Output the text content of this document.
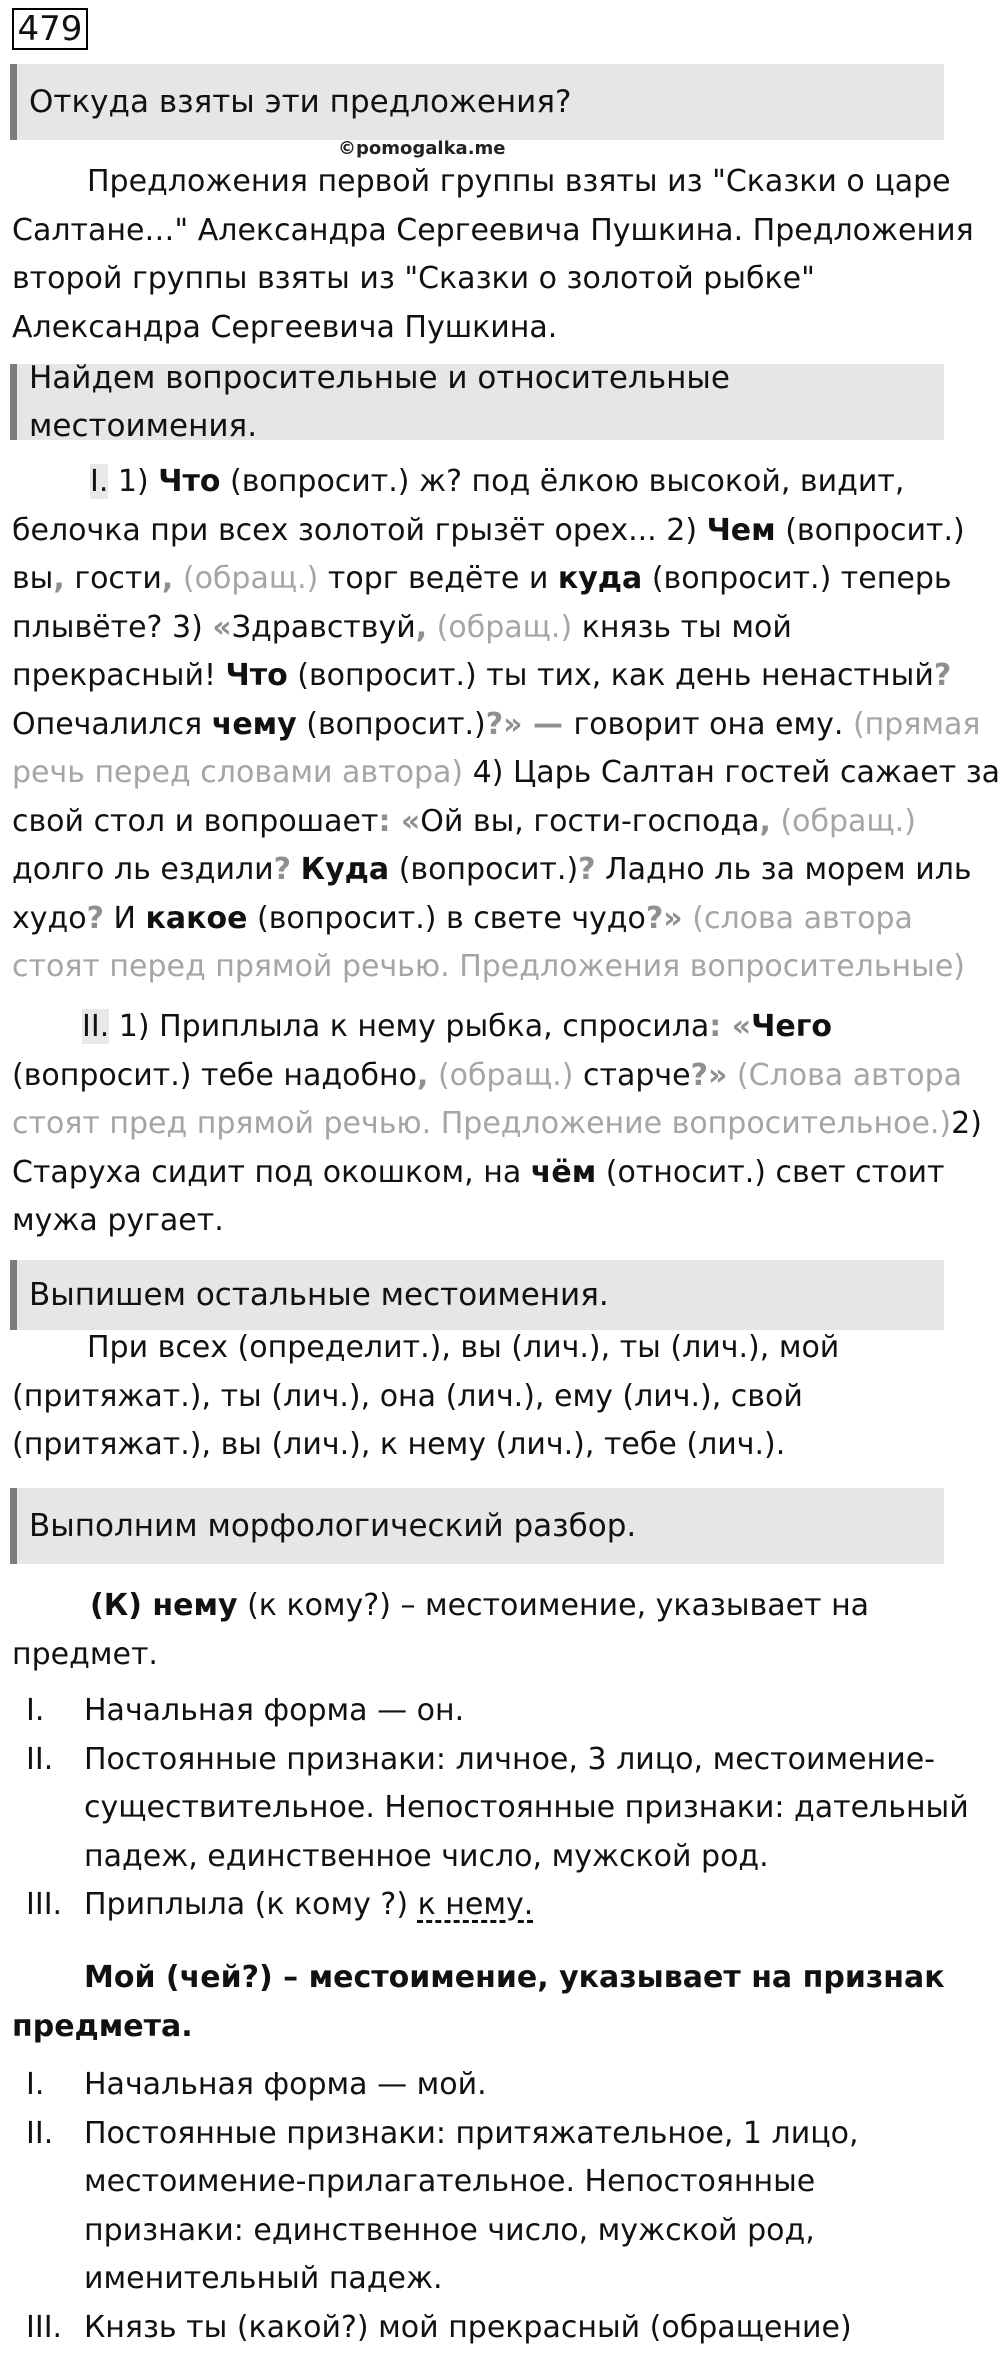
479
Откуда взяты эти предложения?
©pomogalka.me
Предложения первой группы взяты из "Сказки о царе
Салтане…" Александра Сергеевича Пушкина. Предложения
второй группы взяты из "Сказки о золотой рыбке"
Александра Сергеевича Пушкина.
Найдем вопросительные и относительные местоимения.
I. 1) Что (вопросит.) ж? под ёлкою высокой, видит,
белочка при всех золотой грызёт орех... 2) Чем (вопросит.)
вы, гости, (обращ.) торг ведёте и куда (вопросит.) теперь
плывёте? 3) «Здравствуй, (обращ.) князь ты мой
прекрасный! Что (вопросит.) ты тих, как день ненастный?
Опечалился чему (вопросит.)?» — говорит она ему. (прямая
речь перед словами автора) 4) Царь Салтан гостей сажает за
свой стол и вопрошает: «Ой вы, гости-господа, (обращ.)
долго ль ездили? Куда (вопросит.)? Ладно ль за морем иль
худо? И какое (вопросит.) в свете чудо?» (слова автора
стоят перед прямой речью. Предложения вопросительные)
II. 1) Приплыла к нему рыбка, спросила: «Чего
(вопросит.) тебе надобно, (обращ.) старче?» (Слова автора
стоят пред прямой речью. Предложение вопросительное.)2)
Старуха сидит под окошком, на чём (относит.) свет стоит
мужа ругает.
Выпишем остальные местоимения.
При всех (определит.), вы (лич.), ты (лич.), мой
(притяжат.), ты (лич.), она (лич.), ему (лич.), свой
(притяжат.), вы (лич.), к нему (лич.), тебе (лич.).
Выполним морфологический разбор.
(К) нему (к кому?) – местоимение, указывает на
предмет.
I.	Начальная форма — он.
II.	Постоянные признаки: личное, 3 лицо, местоимение-
существительное. Непостоянные признаки: дательный
падеж, единственное число, мужской род.
III. Приплыла (к кому ?) к нему.
Мой (чей?) – местоимение, указывает на признак
предмета.
I.	Начальная форма — мой.
II.	Постоянные признаки: притяжательное, 1 лицо,
местоимение-прилагательное. Непостоянные
признаки: единственное число, мужской род,
именительный падеж.
III. Князь ты (какой?) мой прекрасный (обращение)
